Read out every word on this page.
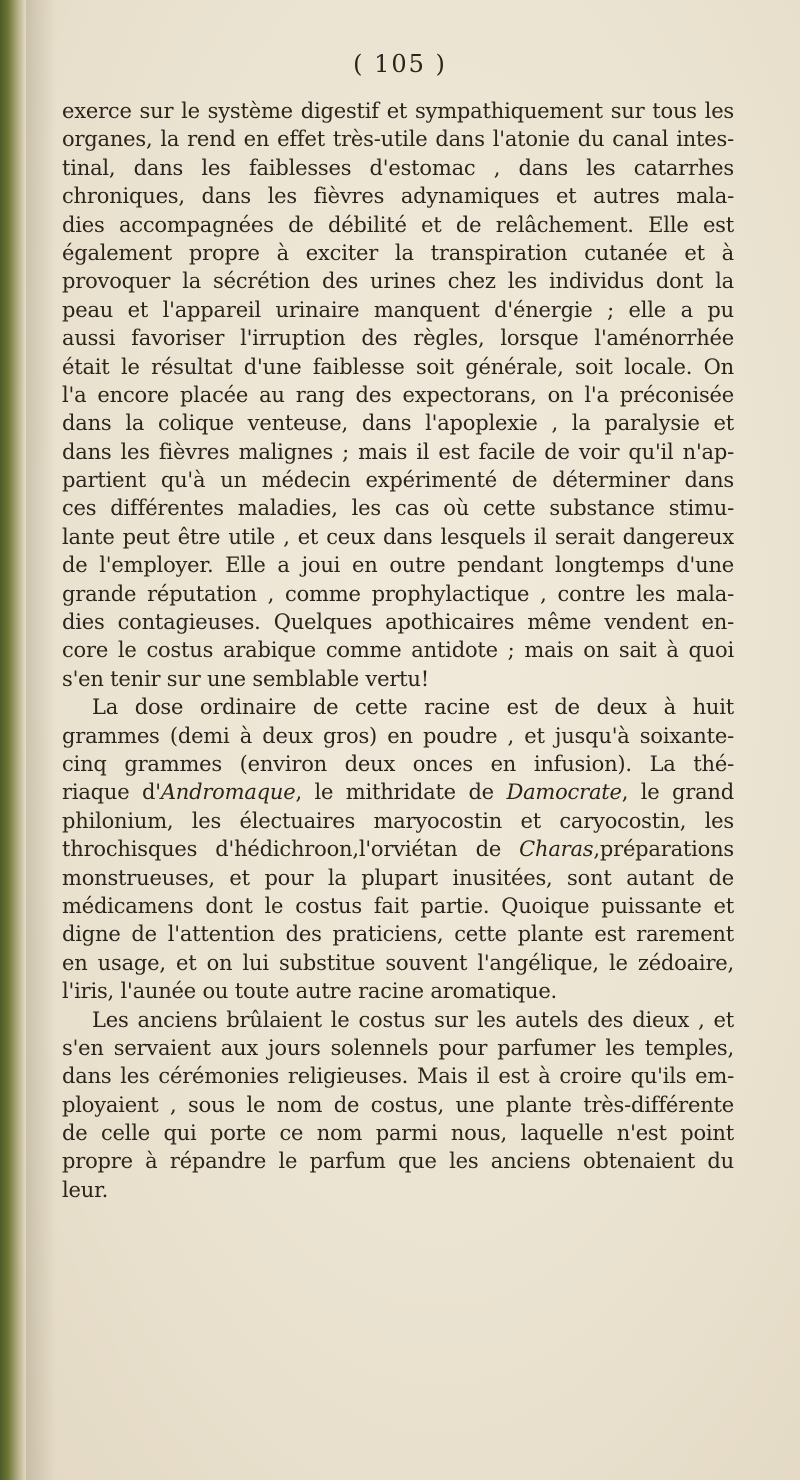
( 105 )
exerce sur le système digestif et sympathiquement sur tous les
organes, la rend en effet très-utile dans l'atonie du canal intes-
tinal, dans les faiblesses d'estomac , dans les catarrhes
chroniques, dans les fièvres adynamiques et autres mala-
dies accompagnées de débilité et de relâchement. Elle est
également propre à exciter la transpiration cutanée et à
provoquer la sécrétion des urines chez les individus dont la
peau et l'appareil urinaire manquent d'énergie ; elle a pu
aussi favoriser l'irruption des règles, lorsque l'aménorrhée
était le résultat d'une faiblesse soit générale, soit locale. On
l'a encore placée au rang des expectorans, on l'a préconisée
dans la colique venteuse, dans l'apoplexie , la paralysie et
dans les fièvres malignes ; mais il est facile de voir qu'il n'ap-
partient qu'à un médecin expérimenté de déterminer dans
ces différentes maladies, les cas où cette substance stimu-
lante peut être utile , et ceux dans lesquels il serait dangereux
de l'employer. Elle a joui en outre pendant longtemps d'une
grande réputation , comme prophylactique , contre les mala-
dies contagieuses. Quelques apothicaires même vendent en-
core le costus arabique comme antidote ; mais on sait à quoi
s'en tenir sur une semblable vertu!
La dose ordinaire de cette racine est de deux à huit
grammes (demi à deux gros) en poudre , et jusqu'à soixante-
cinq grammes (environ deux onces en infusion). La thé-
riaque d'Andromaque, le mithridate de Damocrate, le grand
philonium, les électuaires maryocostin et caryocostin, les
throchisques d'hédichroon,l'orviétan de Charas,préparations
monstrueuses, et pour la plupart inusitées, sont autant de
médicamens dont le costus fait partie. Quoique puissante et
digne de l'attention des praticiens, cette plante est rarement
en usage, et on lui substitue souvent l'angélique, le zédoaire,
l'iris, l'aunée ou toute autre racine aromatique.
Les anciens brûlaient le costus sur les autels des dieux , et
s'en servaient aux jours solennels pour parfumer les temples,
dans les cérémonies religieuses. Mais il est à croire qu'ils em-
ployaient , sous le nom de costus, une plante très-différente
de celle qui porte ce nom parmi nous, laquelle n'est point
propre à répandre le parfum que les anciens obtenaient du
leur.
